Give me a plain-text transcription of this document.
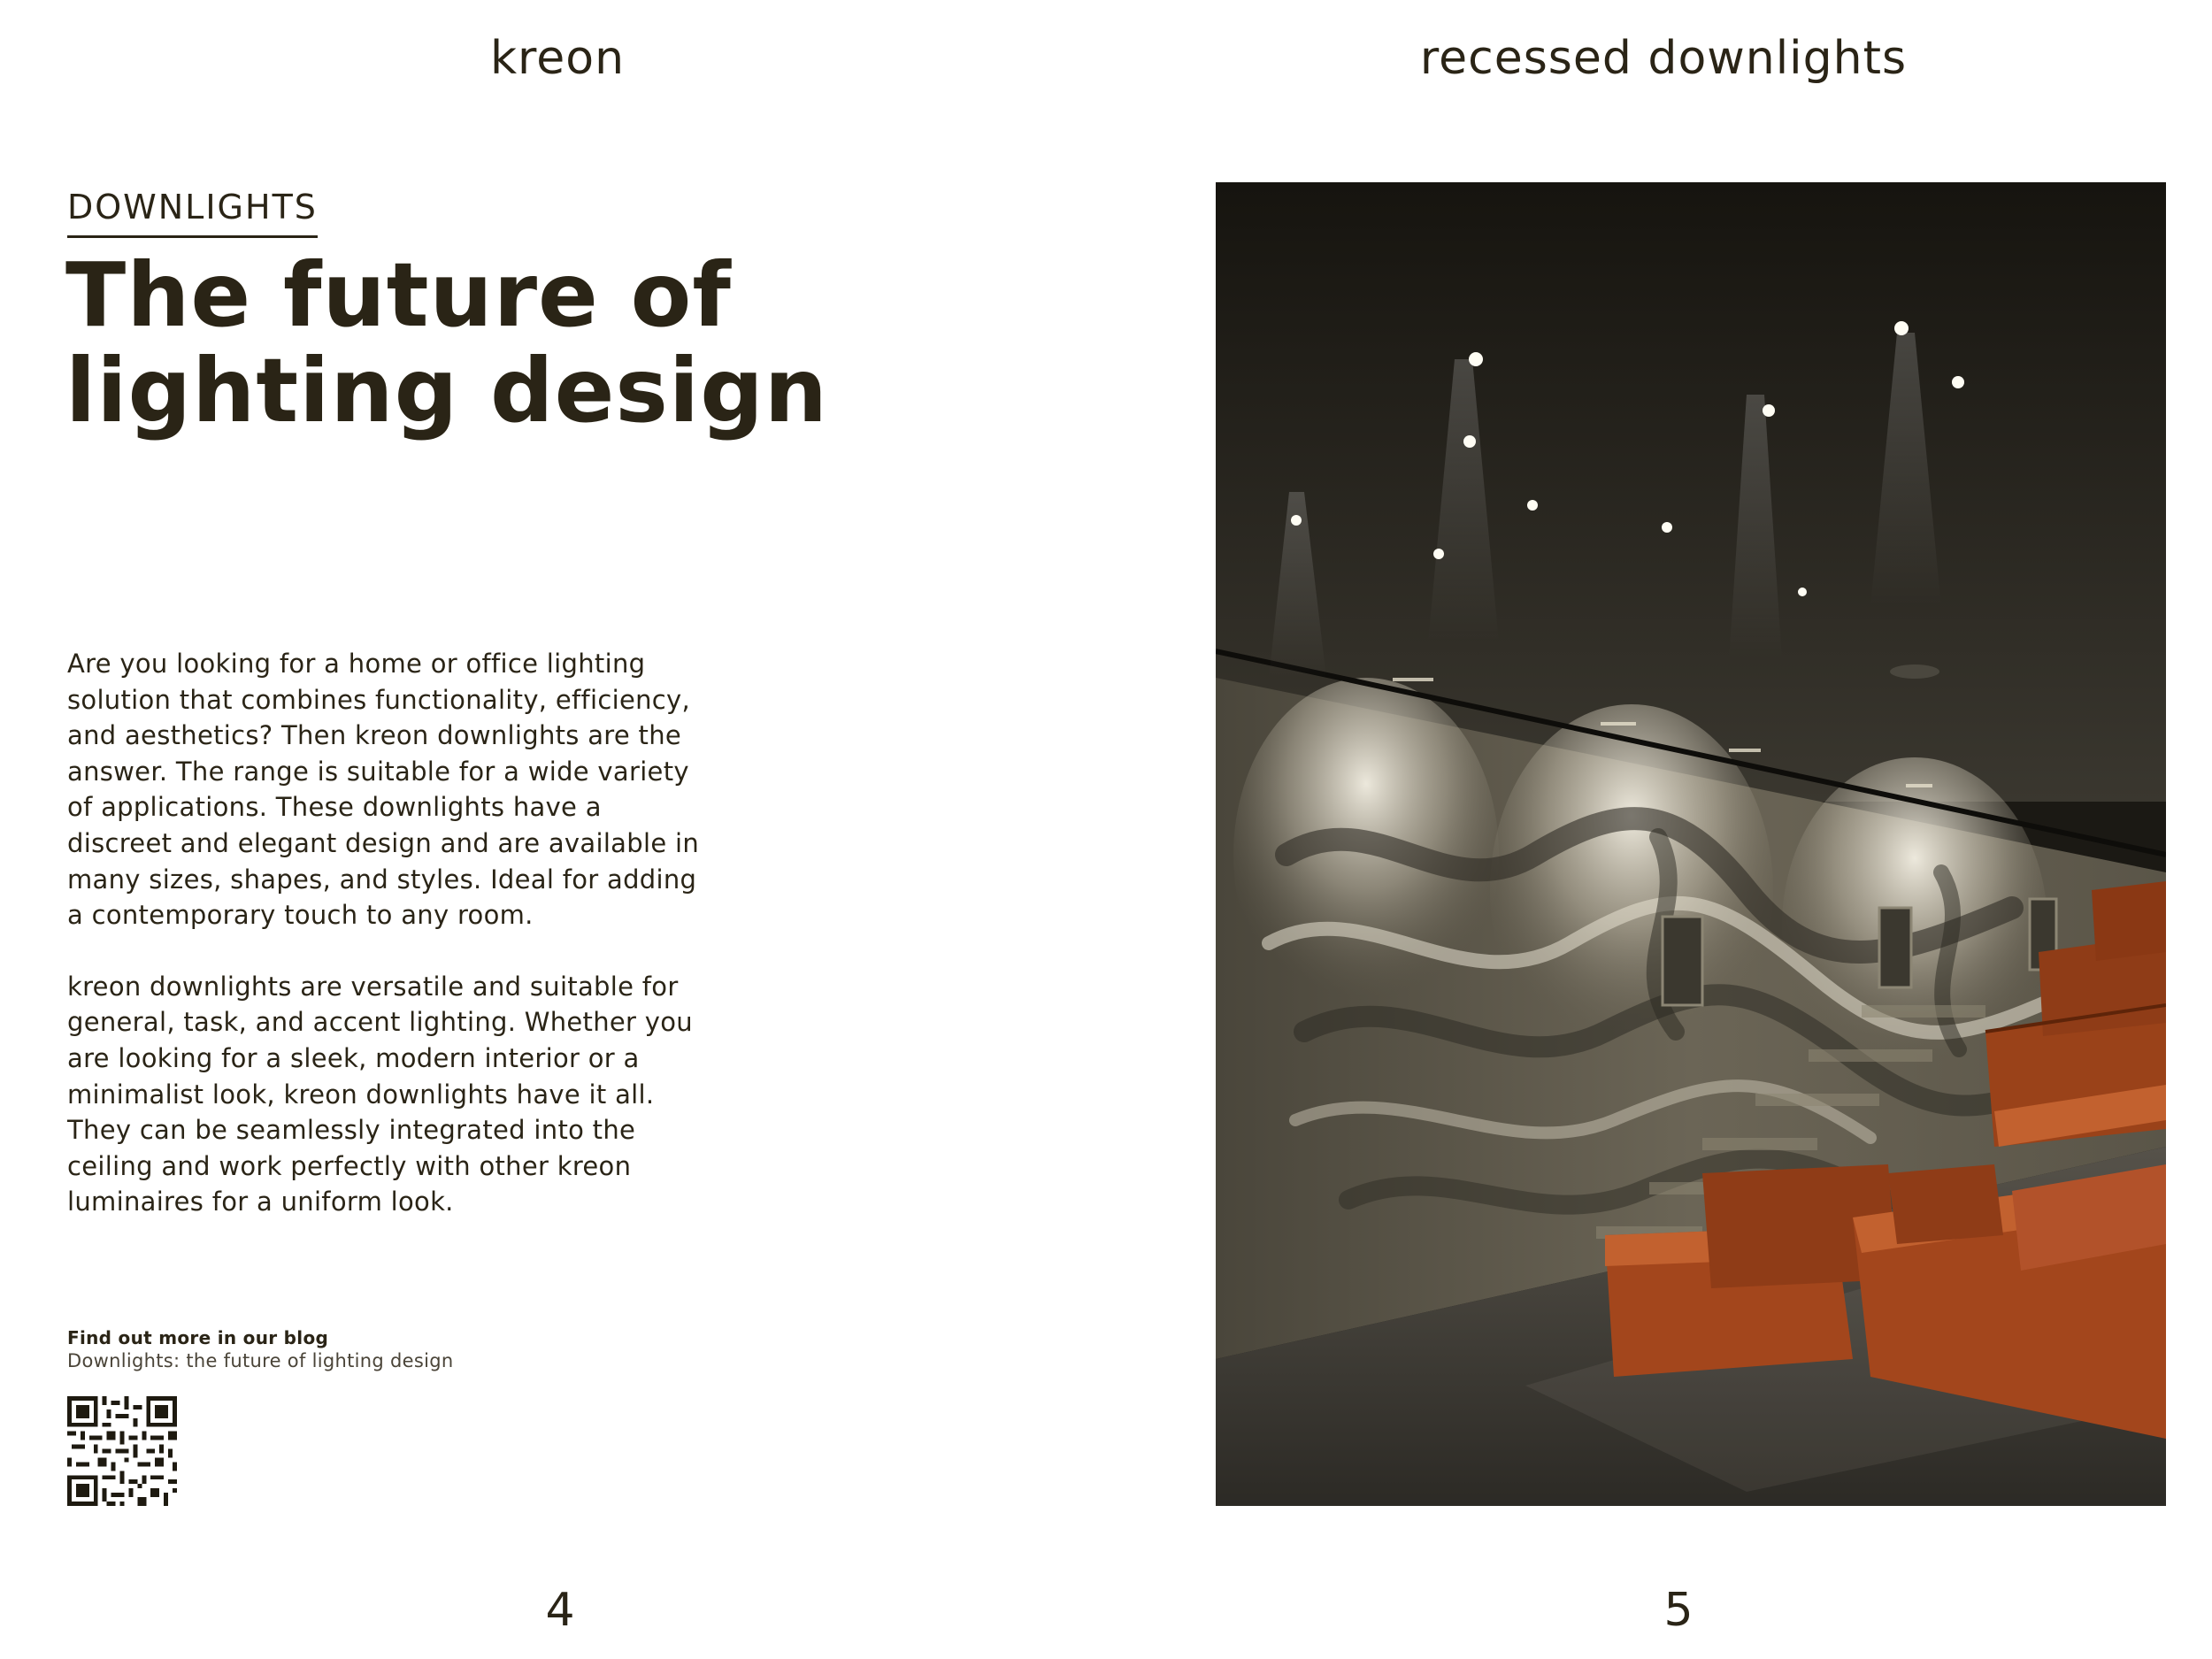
kreon	recessed downlights
DOWNLIGHTS
The future of
lighting design

Are you looking for a home or office lighting solution that combines functionality, efficiency, and aesthetics? Then kreon downlights are the answer. The range is suitable for a wide variety of applications. These downlights have a discreet and elegant design and are available in many sizes, shapes, and styles. Ideal for adding a contemporary touch to any room.

kreon downlights are versatile and suitable for general, task, and accent lighting. Whether you are looking for a sleek, modern interior or a minimalist look, kreon downlights have it all. They can be seamlessly integrated into the ceiling and work perfectly with other kreon luminaires for a uniform look.

Find out more in our blog
Downlights: the future of lighting design
4	5
